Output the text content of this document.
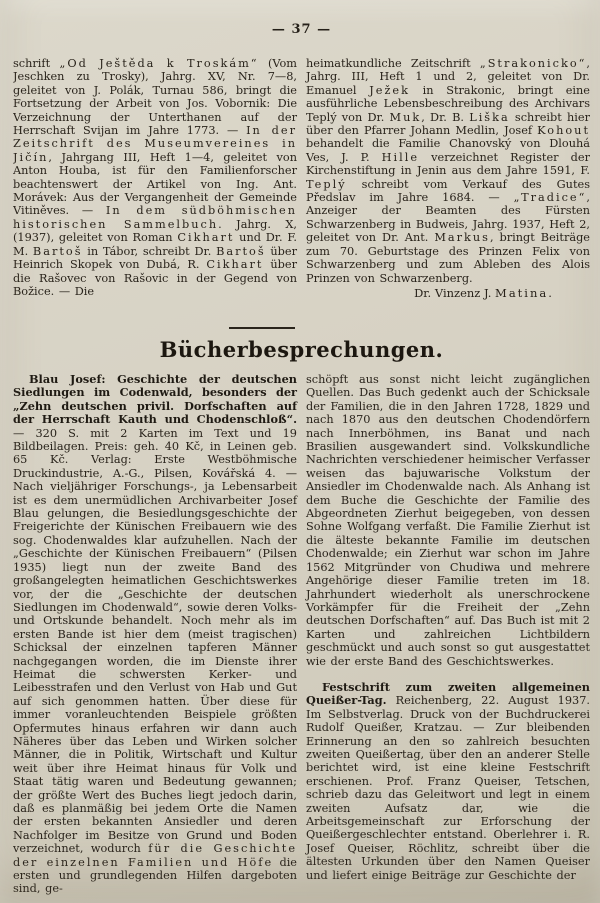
— 37 —

schrift „Od Ještěda k Troskám“ (Vom Jeschken zu Trosky), Jahrg. XV, Nr. 7—8, geleitet von J. Polák, Turnau 586, bringt die Fortsetzung der Arbeit von Jos. Vobornik: Die Verzeichnung der Unterthanen auf der Herrschaft Svijan im Jahre 1773. — In der Zeitschrift des Museumvereines in Jičín, Jahrgang III, Heft 1—4, geleitet von Anton Houba, ist für den Familienforscher beachtenswert der Artikel von Ing. Ant. Morávek: Aus der Vergangenheit der Gemeinde Vitiněves. — In dem südböhmischen historischen Sammelbuch. Jahrg. X, (1937), geleitet von Roman Cikhart und Dr. F. M. Bartoš in Tábor, schreibt Dr. Bartoš über Heinrich Skopek von Dubá, R. Cikhart über die Rašovec von Rašovic in der Gegend von Božice. — Die

heimatkundliche Zeitschrift „Strakonicko“, Jahrg. III, Heft 1 und 2, geleitet von Dr. Emanuel Ježek in Strakonic, bringt eine ausführliche Lebensbeschreibung des Archivars Teplý von Dr. Muk, Dr. B. Liška schreibt hier über den Pfarrer Johann Medlin, Josef Kohout behandelt die Familie Chanovský von Dlouhá Ves, J. P. Hille verzeichnet Register der Kirchenstiftung in Jenin aus dem Jahre 1591, F. Teplý schreibt vom Verkauf des Gutes Předslav im Jahre 1684. — „Tradice“, Anzeiger der Beamten des Fürsten Schwarzenberg in Budweis, Jahrg. 1937, Heft 2, geleitet von Dr. Ant. Markus, bringt Beiträge zum 70. Geburtstage des Prinzen Felix von Schwarzenberg und zum Ableben des Alois Prinzen von Schwarzenberg.

Dr. Vinzenz J. Matina.

Bücherbesprechungen.

Blau Josef: Geschichte der deutschen Siedlungen im Codenwald, besonders der „Zehn deutschen privil. Dorfschaften auf der Herrschaft Kauth und Chodenschloß“. — 320 S. mit 2 Karten im Text und 19 Bildbeilagen. Preis: geh. 40 Kč, in Leinen geb. 65 Kč. Verlag: Erste Westböhmische Druckindustrie, A.-G., Pilsen, Kovářská 4. — Nach vieljähriger Forschungs-, ja Lebensarbeit ist es dem unermüdlichen Archivarbeiter Josef Blau gelungen, die Besiedlungsgeschichte der Freigerichte der Künischen Freibauern wie des sog. Chodenwaldes klar aufzuhellen. Nach der „Geschichte der Künischen Freibauern“ (Pilsen 1935) liegt nun der zweite Band des großangelegten heimatlichen Geschichtswerkes vor, der die „Geschichte der deutschen Siedlungen im Chodenwald“, sowie deren Volks- und Ortskunde behandelt. Noch mehr als im ersten Bande ist hier dem (meist tragischen) Schicksal der einzelnen tapferen Männer nachgegangen worden, die im Dienste ihrer Heimat die schwersten Kerker- und Leibesstrafen und den Verlust von Hab und Gut auf sich genommen hatten. Über diese für immer voranleuchtenden Beispiele größten Opfermutes hinaus erfahren wir dann auch Näheres über das Leben und Wirken solcher Männer, die in Politik, Wirtschaft und Kultur weit über ihre Heimat hinaus für Volk und Staat tätig waren und Bedeutung gewannen; der größte Wert des Buches liegt jedoch darin, daß es planmäßig bei jedem Orte die Namen der ersten bekannten Ansiedler und deren Nachfolger im Besitze von Grund und Boden verzeichnet, wodurch für die Geschichte der einzelnen Familien und Höfe die ersten und grundlegenden Hilfen dargeboten sind, ge-

schöpft aus sonst nicht leicht zugänglichen Quellen. Das Buch gedenkt auch der Schicksale der Familien, die in den Jahren 1728, 1829 und nach 1870 aus den deutschen Chodendörfern nach Innerböhmen, ins Banat und nach Brasilien ausgewandert sind. Volkskundliche Nachrichten verschiedener heimischer Verfasser weisen das bajuwarische Volkstum der Ansiedler im Chodenwalde nach. Als Anhang ist dem Buche die Geschichte der Familie des Abgeordneten Zierhut beigegeben, von dessen Sohne Wolfgang verfaßt. Die Familie Zierhut ist die älteste bekannte Familie im deutschen Chodenwalde; ein Zierhut war schon im Jahre 1562 Mitgründer von Chudiwa und mehrere Angehörige dieser Familie treten im 18. Jahrhundert wiederholt als unerschrockene Vorkämpfer für die Freiheit der „Zehn deutschen Dorfschaften“ auf. Das Buch ist mit 2 Karten und zahlreichen Lichtbildern geschmückt und auch sonst so gut ausgestattet wie der erste Band des Geschichtswerkes.

Festschrift zum zweiten allgemeinen Queißer-Tag. Reichenberg, 22. August 1937. Im Selbstverlag. Druck von der Buchdruckerei Rudolf Queißer, Kratzau. — Zur bleibenden Erinnerung an den so zahlreich besuchten zweiten Queißertag, über den an anderer Stelle berichtet wird, ist eine kleine Festschrift erschienen. Prof. Franz Queiser, Tetschen, schrieb dazu das Geleitwort und legt in einem zweiten Aufsatz dar, wie die Arbeitsgemeinschaft zur Erforschung der Queißergeschlechter entstand. Oberlehrer i. R. Josef Queiser, Röchlitz, schreibt über die ältesten Urkunden über den Namen Queiser und liefert einige Beiträge zur Geschichte der
